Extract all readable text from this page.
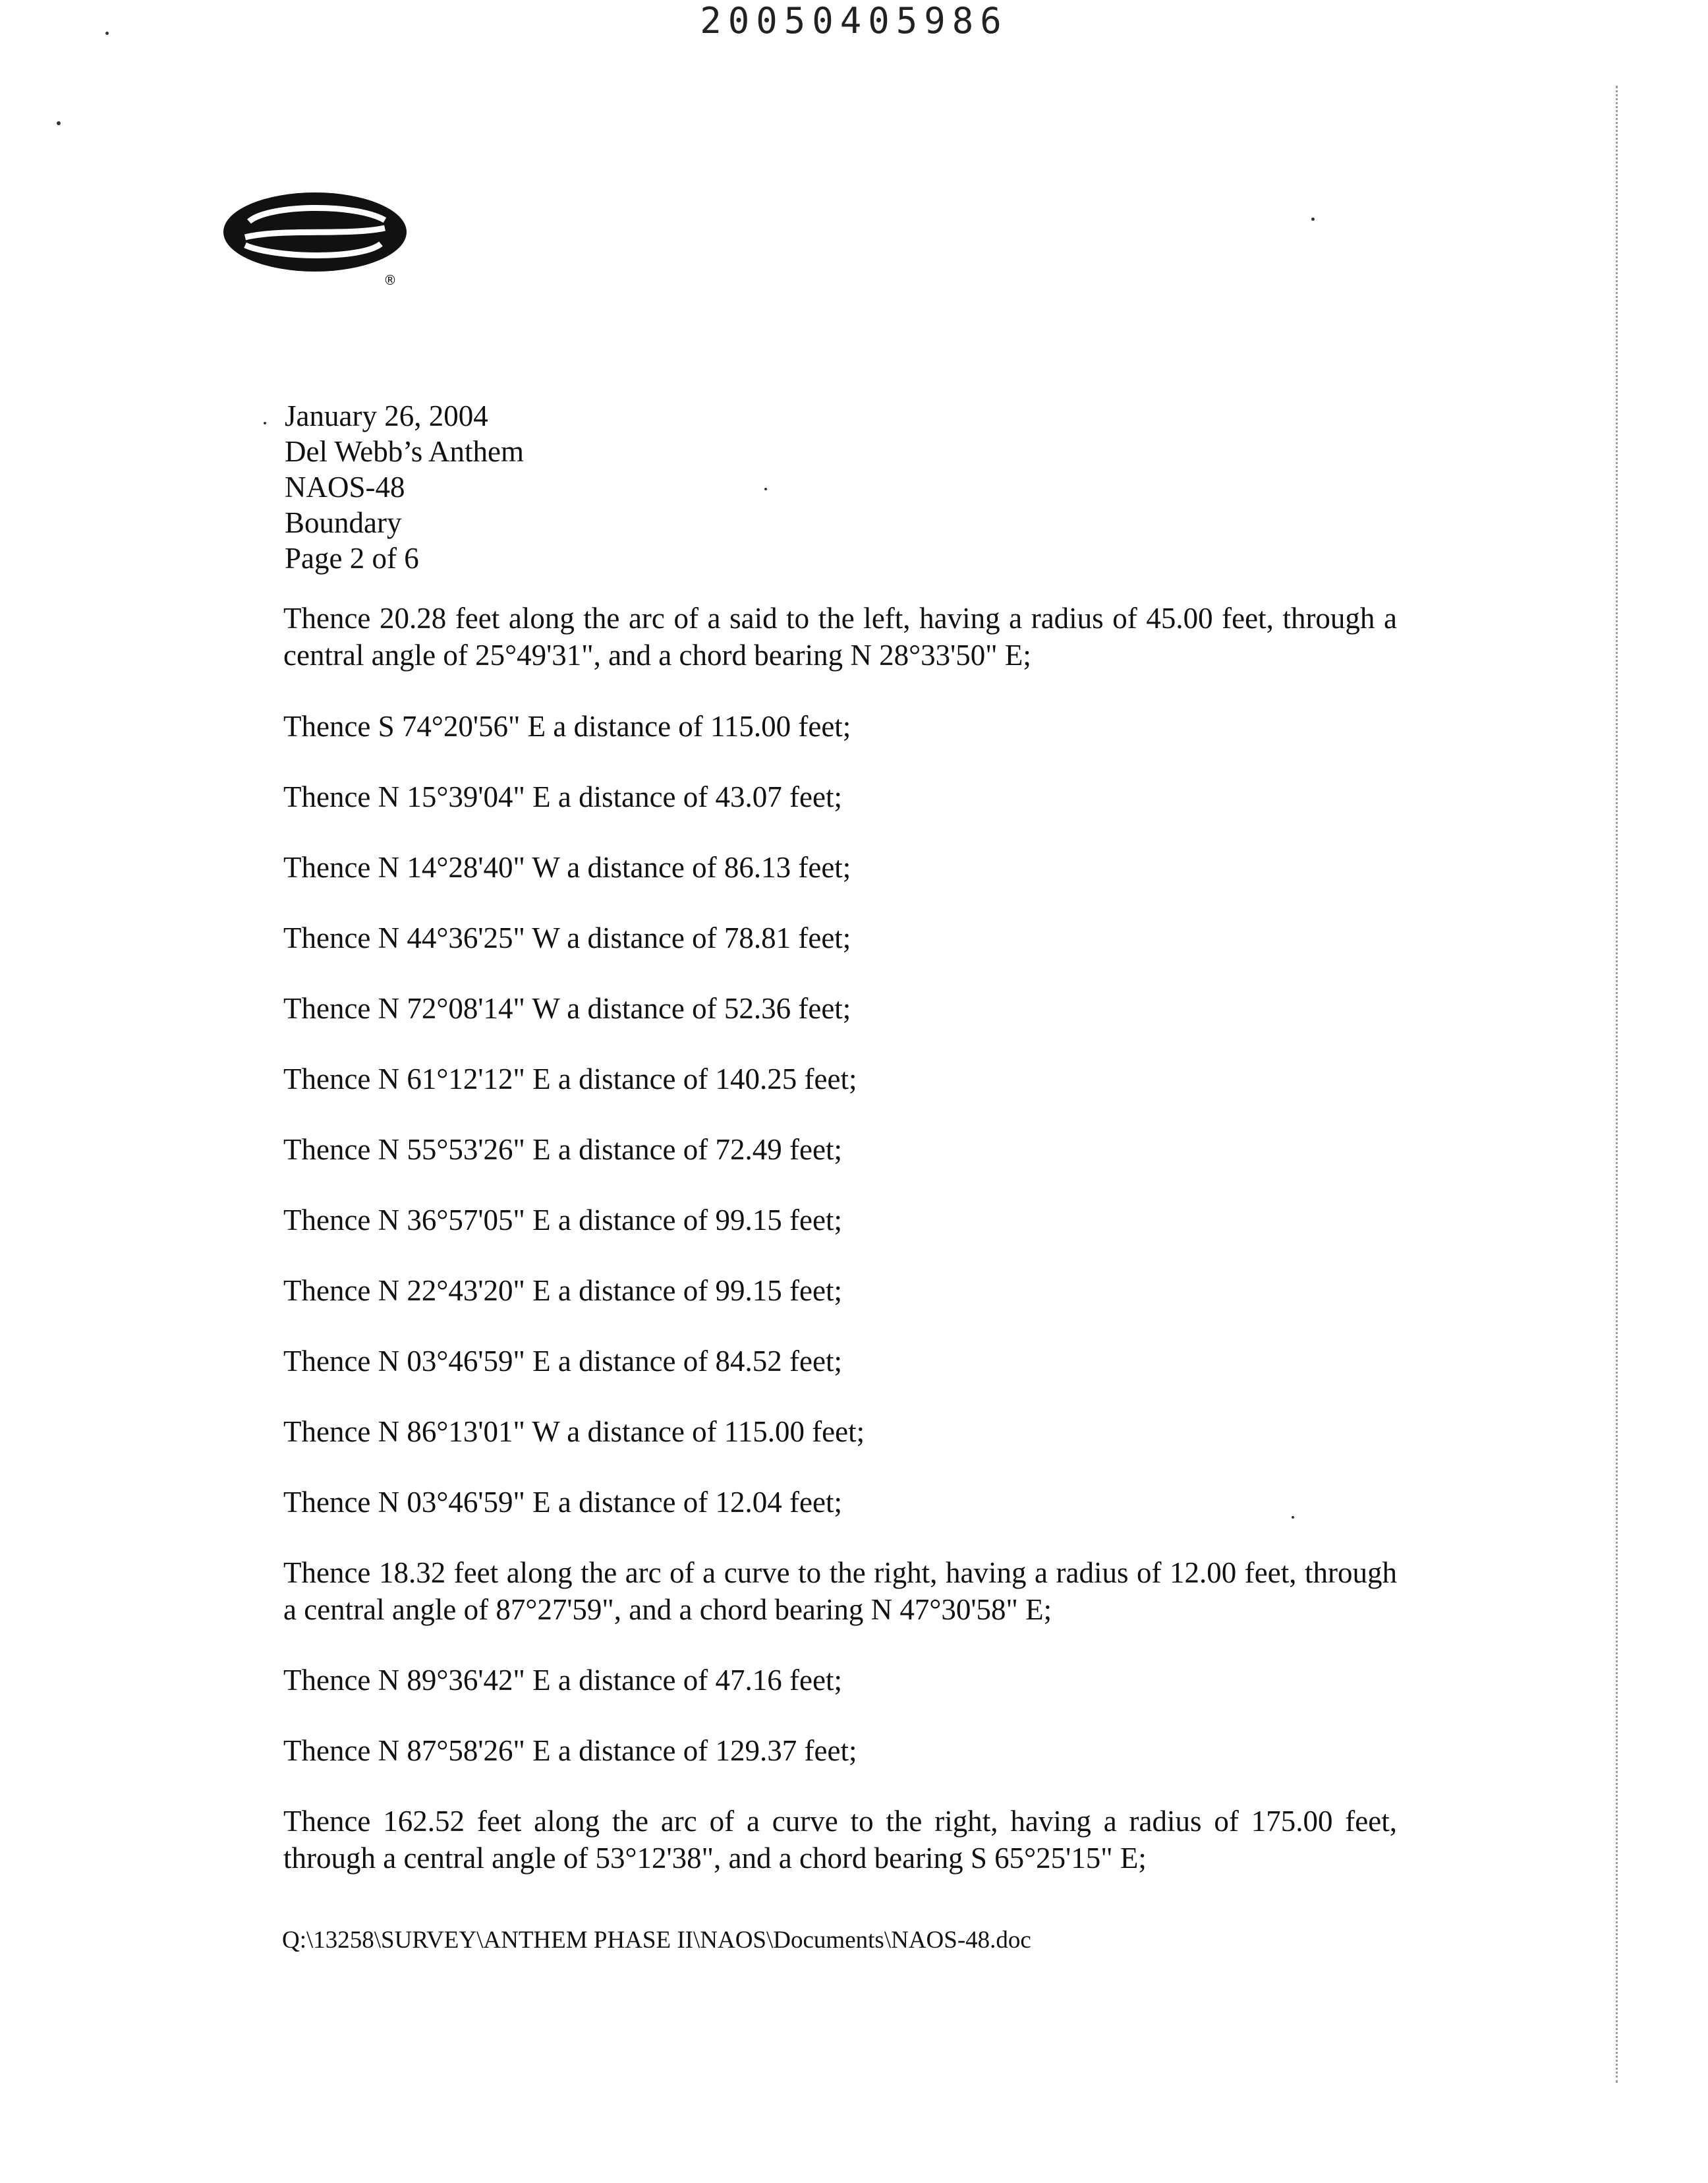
20050405986
®
January 26, 2004
Del Webb’s Anthem
NAOS-48
Boundary
Page 2 of 6

Thence 20.28 feet along the arc of a said to the left, having a radius of 45.00 feet, through a central angle of 25°49'31", and a chord bearing N 28°33'50" E;

Thence S 74°20'56" E a distance of 115.00 feet;

Thence N 15°39'04" E a distance of 43.07 feet;

Thence N 14°28'40" W a distance of 86.13 feet;

Thence N 44°36'25" W a distance of 78.81 feet;

Thence N 72°08'14" W a distance of 52.36 feet;

Thence N 61°12'12" E a distance of 140.25 feet;

Thence N 55°53'26" E a distance of 72.49 feet;

Thence N 36°57'05" E a distance of 99.15 feet;

Thence N 22°43'20" E a distance of 99.15 feet;

Thence N 03°46'59" E a distance of 84.52 feet;

Thence N 86°13'01" W a distance of 115.00 feet;

Thence N 03°46'59" E a distance of 12.04 feet;

Thence 18.32 feet along the arc of a curve to the right, having a radius of 12.00 feet, through a central angle of 87°27'59", and a chord bearing N 47°30'58" E;

Thence N 89°36'42" E a distance of 47.16 feet;

Thence N 87°58'26" E a distance of 129.37 feet;

Thence 162.52 feet along the arc of a curve to the right, having a radius of 175.00 feet, through a central angle of 53°12'38", and a chord bearing S 65°25'15" E;

Q:\13258\SURVEY\ANTHEM PHASE II\NAOS\Documents\NAOS-48.doc
